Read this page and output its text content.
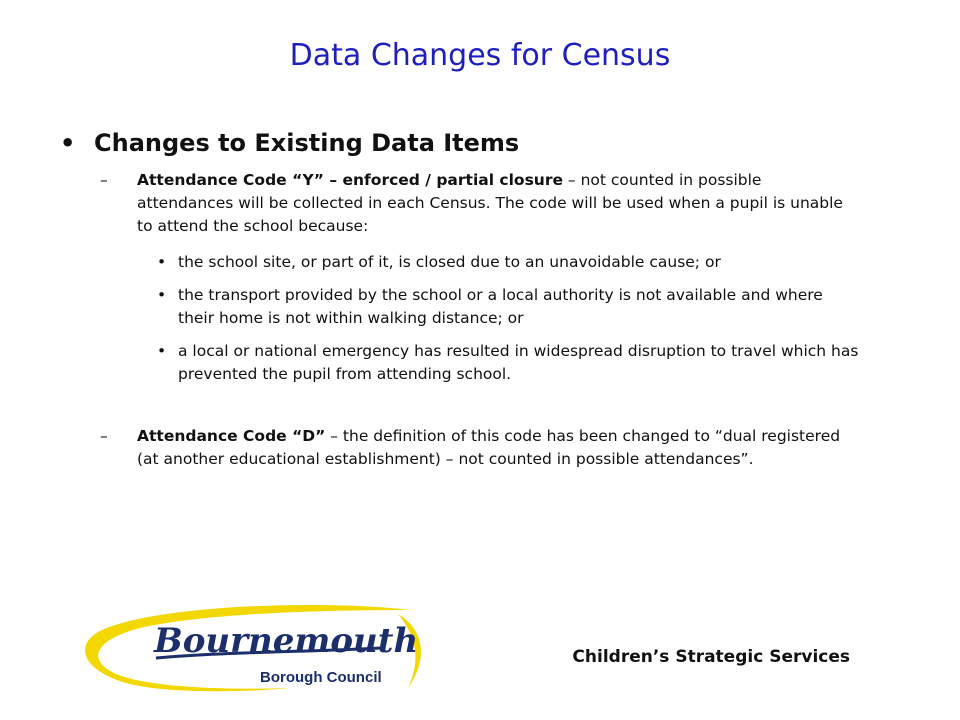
Data Changes for Census
• Changes to Existing Data Items
– Attendance Code “Y” – enforced / partial closure – not counted in possible attendances will be collected in each Census. The code will be used when a pupil is unable to attend the school because:
• the school site, or part of it, is closed due to an unavoidable cause; or
• the transport provided by the school or a local authority is not available and where their home is not within walking distance; or
• a local or national emergency has resulted in widespread disruption to travel which has prevented the pupil from attending school.
– Attendance Code “D” – the definition of this code has been changed to “dual registered (at another educational establishment) – not counted in possible attendances”.
Bournemouth
Borough Council
Children’s Strategic Services
